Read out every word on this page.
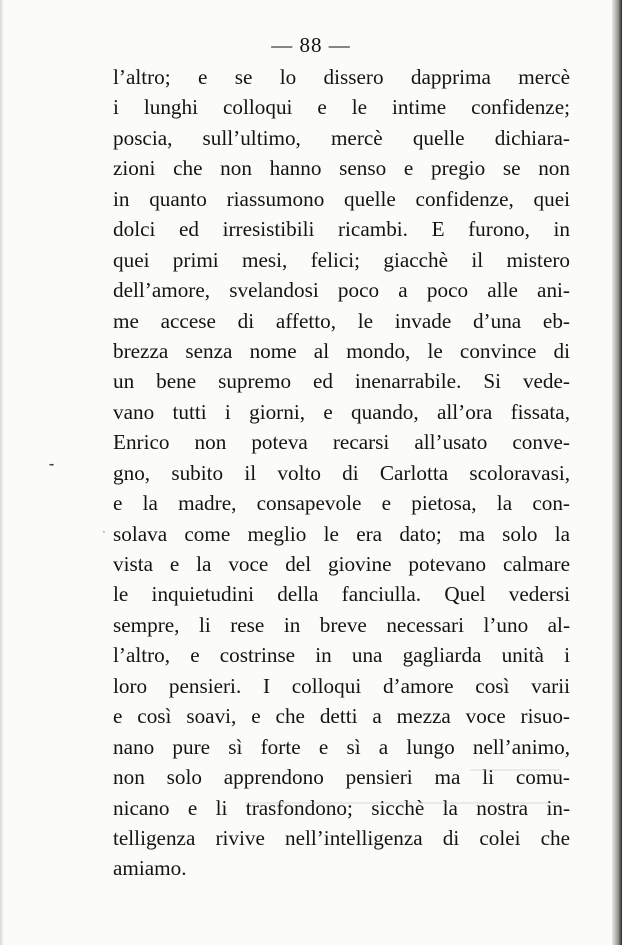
— 88 —
l’altro; e se lo dissero dapprima mercè
i lunghi colloqui e le intime confidenze;
poscia, sull’ultimo, mercè quelle dichiara-
zioni che non hanno senso e pregio se non
in quanto riassumono quelle confidenze, quei
dolci ed irresistibili ricambi. E furono, in
quei primi mesi, felici; giacchè il mistero
dell’amore, svelandosi poco a poco alle ani-
me accese di affetto, le invade d’una eb-
brezza senza nome al mondo, le convince di
un bene supremo ed inenarrabile. Si vede-
vano tutti i giorni, e quando, all’ora fissata,
Enrico non poteva recarsi all’usato conve-
gno, subito il volto di Carlotta scoloravasi,
e la madre, consapevole e pietosa, la con-
solava come meglio le era dato; ma solo la
vista e la voce del giovine potevano calmare
le inquietudini della fanciulla. Quel vedersi
sempre, li rese in breve necessari l’uno al-
l’altro, e costrinse in una gagliarda unità i
loro pensieri. I colloqui d’amore così varii
e così soavi, e che detti a mezza voce risuo-
nano pure sì forte e sì a lungo nell’animo,
non solo apprendono pensieri ma li comu-
nicano e li trasfondono; sicchè la nostra in-
telligenza rivive nell’intelligenza di colei che
amiamo.
⁃
·
